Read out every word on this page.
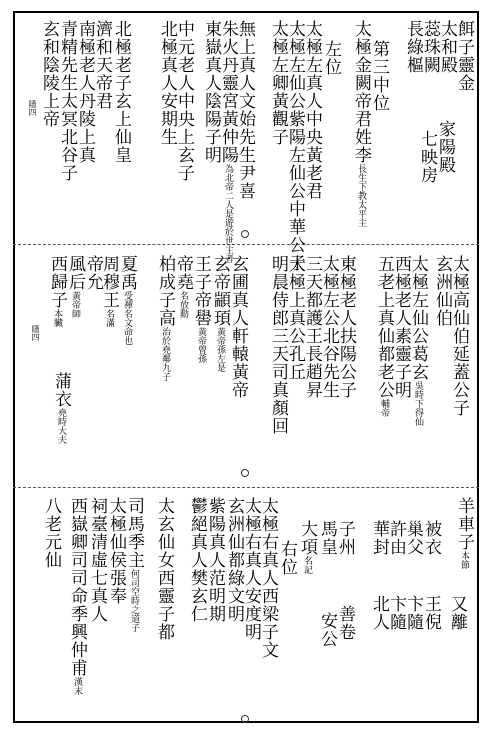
餌子靈金
太和殿
蕊珠闕
長綠樞
家陽殿
七映房
第三中位
太極金闕帝君姓李長生下教太平主
左位
太極左真人中央黃老君
太極左仙公紫陽左仙公中華公子
太極左卿黃觀子
無上真人文始先生尹喜
朱火丹靈宮黃仲陽為北帝二人是遊於世主者
東嶽真人陰陽子明
中元老人中央上玄子
北極真人安期生
北極老子玄上仙皇
濟和天帝君
南極老人丹陵上真
青精先生太冥北谷子
玄和陰陵上帝
隱四
太極高仙伯延蓋公子
玄洲仙伯
太極左仙公葛玄吳時下得仙
西極老人素靈子明
五老上真仙都老公輔帝
東極老人扶陽公子
太極左公北谷先生
三天都護王長趙昇
太極上真公孔丘
明晨侍郎三天司真顏回
玄圃真人軒轅黃帝
玄帝顓頊黃帝孫左是
王子帝嚳黃帝曾孫
帝堯名放勳
柏成子高治於堯鄰九子
夏禹受禪名文命也
周穆王名滿
帝允
風后黃帝師
西歸子本臟
隱四
蒲衣堯時大夫
羊車子本節
又離
被衣
王倪
巢父
卞隨
許由
卞隨
華封
北人
子州
善卷
馬皇
安公
大項名記
右位
太極右真人西梁子文
太極右真人安度明
玄洲仙都綠文明
紫陽真人范明期
鬱絕真人樊玄仁
太玄仙女西靈子都
司馬季主何司空時之道子
太極仙侯張奉
祠臺清虛七真人
西嶽卿司司命季興仲甫漢末
八老元仙
